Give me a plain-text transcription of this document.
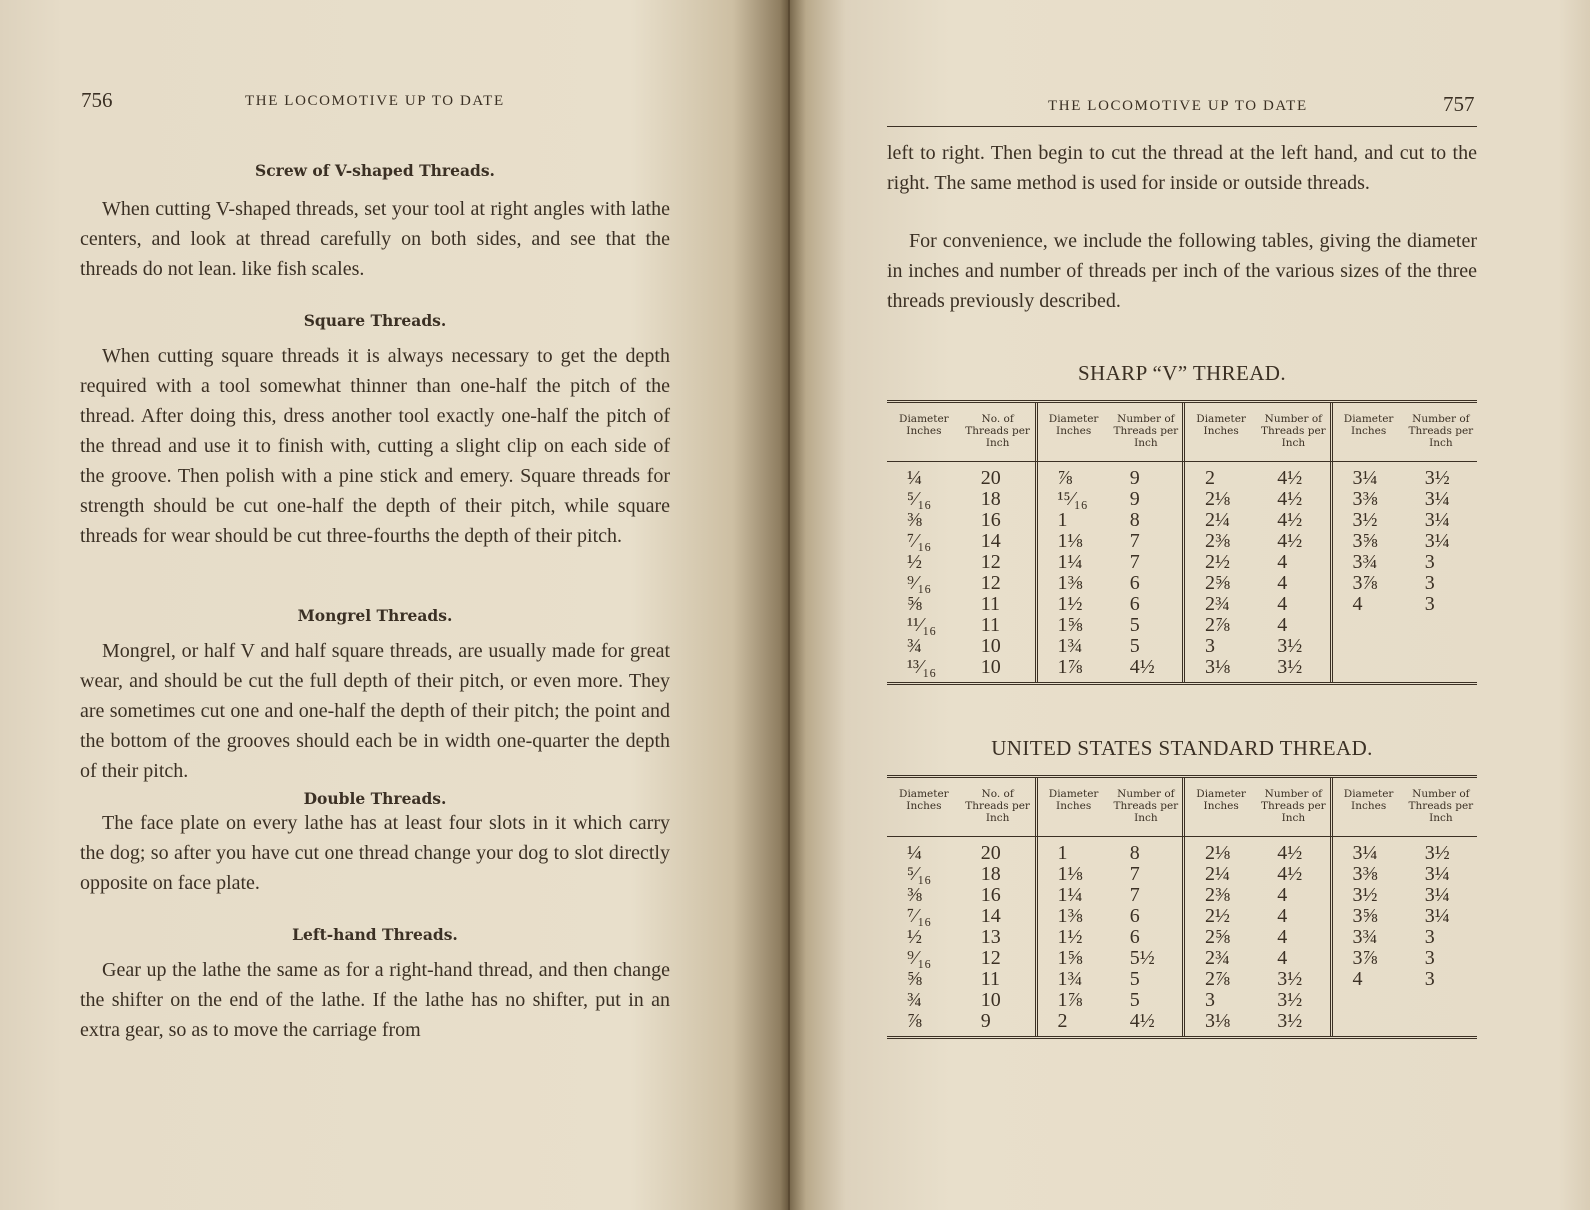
756	THE LOCOMOTIVE UP TO DATE
Screw of V-shaped Threads.

When cutting V-shaped threads, set your tool at right angles with lathe centers, and look at thread carefully on both sides, and see that the threads do not lean. like fish scales.

Square Threads.

When cutting square threads it is always necessary to get the depth required with a tool somewhat thinner than one-half the pitch of the thread. After doing this, dress another tool exactly one-half the pitch of the thread and use it to finish with, cutting a slight clip on each side of the groove. Then polish with a pine stick and emery. Square threads for strength should be cut one-half the depth of their pitch, while square threads for wear should be cut three-fourths the depth of their pitch.

Mongrel Threads.

Mongrel, or half V and half square threads, are usually made for great wear, and should be cut the full depth of their pitch, or even more. They are sometimes cut one and one-half the depth of their pitch; the point and the bottom of the grooves should each be in width one-quarter the depth of their pitch.

Double Threads.

The face plate on every lathe has at least four slots in it which carry the dog; so after you have cut one thread change your dog to slot directly opposite on face plate.

Left-hand Threads.

Gear up the lathe the same as for a right-hand thread, and then change the shifter on the end of the lathe. If the lathe has no shifter, put in an extra gear, so as to move the carriage from

THE LOCOMOTIVE UP TO DATE	757

left to right. Then begin to cut the thread at the left hand, and cut to the right. The same method is used for inside or outside threads.

For convenience, we include the following tables, giving the diameter in inches and number of threads per inch of the various sizes of the three threads previously described.

SHARP “V” THREAD.
Diameter Inches
No. of Threads per Inch
Diameter Inches
Number of Threads per Inch
Diameter Inches
Number of Threads per Inch
Diameter Inches
Number of Threads per Inch
¼
⁵⁄₁₆
⅜
⁷⁄₁₆
½
⁹⁄₁₆
⅝
¹¹⁄₁₆
¾
¹³⁄₁₆
20
18
16
14
12
12
11
11
10
10
⅞
¹⁵⁄₁₆
1
1⅛
1¼
1⅜
1½
1⅝
1¾
1⅞
9
9
8
7
7
6
6
5
5
4½
2
2⅛
2¼
2⅜
2½
2⅝
2¾
2⅞
3
3⅛
4½
4½
4½
4½
4
4
4
4
3½
3½
3¼
3⅜
3½
3⅝
3¾
3⅞
4
3½
3¼
3¼
3¼
3
3
3
UNITED STATES STANDARD THREAD.
Diameter Inches
No. of Threads per Inch
Diameter Inches
Number of Threads per Inch
Diameter Inches
Number of Threads per Inch
Diameter Inches
Number of Threads per Inch
¼
⁵⁄₁₆
⅜
⁷⁄₁₆
½
⁹⁄₁₆
⅝
¾
⅞
20
18
16
14
13
12
11
10
9
1
1⅛
1¼
1⅜
1½
1⅝
1¾
1⅞
2
8
7
7
6
6
5½
5
5
4½
2⅛
2¼
2⅜
2½
2⅝
2¾
2⅞
3
3⅛
4½
4½
4
4
4
4
3½
3½
3½
3¼
3⅜
3½
3⅝
3¾
3⅞
4
3½
3¼
3¼
3¼
3
3
3
